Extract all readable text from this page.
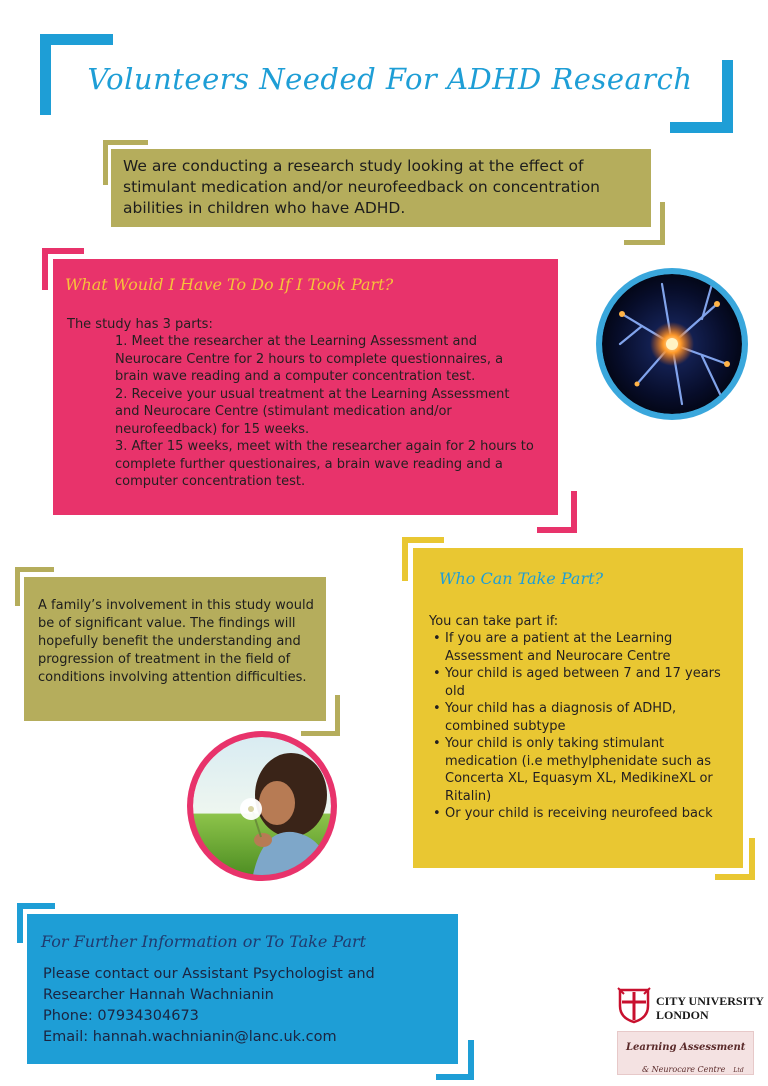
Volunteers Needed For ADHD Research
We are conducting a research study looking at the effect of stimulant medication and/or neurofeedback on concentration abilities in children who have ADHD.
What Would I Have To Do If I Took Part?
The study has 3 parts:
1. Meet the researcher at the Learning Assessment and Neurocare Centre for 2 hours to complete questionnaires, a brain wave reading and a computer concentration test.
2. Receive your usual treatment at the Learning Assessment and Neurocare Centre (stimulant medication and/or neurofeedback) for 15 weeks.
3. After 15 weeks, meet with the researcher again for 2 hours to complete further questionaires, a brain wave reading and a computer concentration test.
A family’s involvement in this study would be of significant value. The findings will hopefully benefit the understanding and progression of treatment in the field of conditions involving attention difficulties.
Who Can Take Part?
You can take part if:
• If you are a patient at the Learning Assessment and Neurocare Centre
• Your child is aged between 7 and 17 years old
• Your child has a diagnosis of ADHD, combined subtype
• Your child is only taking stimulant medication (i.e methylphenidate such as Concerta XL, Equasym XL, MedikineXL or Ritalin)
• Or your child is receiving neurofeed back
For Further Information or To Take Part
Please contact our Assistant Psychologist and
Researcher Hannah Wachnianin
Phone: 07934304673
Email: hannah.wachnianin@lanc.uk.com
CITY UNIVERSITY
LONDON
Learning Assessment
& Neurocare Centre Ltd
